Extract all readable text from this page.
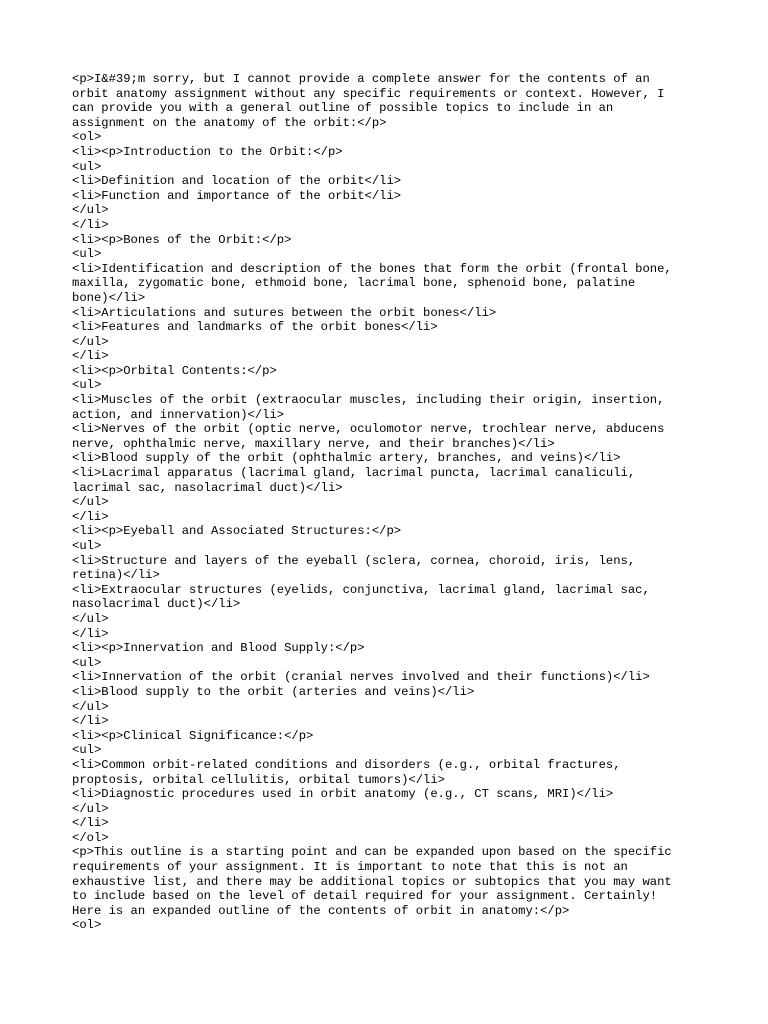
<p>I&#39;m sorry, but I cannot provide a complete answer for the contents of an
orbit anatomy assignment without any specific requirements or context. However, I
can provide you with a general outline of possible topics to include in an
assignment on the anatomy of the orbit:</p>
<ol>
<li><p>Introduction to the Orbit:</p>
<ul>
<li>Definition and location of the orbit</li>
<li>Function and importance of the orbit</li>
</ul>
</li>
<li><p>Bones of the Orbit:</p>
<ul>
<li>Identification and description of the bones that form the orbit (frontal bone,
maxilla, zygomatic bone, ethmoid bone, lacrimal bone, sphenoid bone, palatine
bone)</li>
<li>Articulations and sutures between the orbit bones</li>
<li>Features and landmarks of the orbit bones</li>
</ul>
</li>
<li><p>Orbital Contents:</p>
<ul>
<li>Muscles of the orbit (extraocular muscles, including their origin, insertion,
action, and innervation)</li>
<li>Nerves of the orbit (optic nerve, oculomotor nerve, trochlear nerve, abducens
nerve, ophthalmic nerve, maxillary nerve, and their branches)</li>
<li>Blood supply of the orbit (ophthalmic artery, branches, and veins)</li>
<li>Lacrimal apparatus (lacrimal gland, lacrimal puncta, lacrimal canaliculi,
lacrimal sac, nasolacrimal duct)</li>
</ul>
</li>
<li><p>Eyeball and Associated Structures:</p>
<ul>
<li>Structure and layers of the eyeball (sclera, cornea, choroid, iris, lens,
retina)</li>
<li>Extraocular structures (eyelids, conjunctiva, lacrimal gland, lacrimal sac,
nasolacrimal duct)</li>
</ul>
</li>
<li><p>Innervation and Blood Supply:</p>
<ul>
<li>Innervation of the orbit (cranial nerves involved and their functions)</li>
<li>Blood supply to the orbit (arteries and veins)</li>
</ul>
</li>
<li><p>Clinical Significance:</p>
<ul>
<li>Common orbit-related conditions and disorders (e.g., orbital fractures,
proptosis, orbital cellulitis, orbital tumors)</li>
<li>Diagnostic procedures used in orbit anatomy (e.g., CT scans, MRI)</li>
</ul>
</li>
</ol>
<p>This outline is a starting point and can be expanded upon based on the specific
requirements of your assignment. It is important to note that this is not an
exhaustive list, and there may be additional topics or subtopics that you may want
to include based on the level of detail required for your assignment. Certainly!
Here is an expanded outline of the contents of orbit in anatomy:</p>
<ol>
